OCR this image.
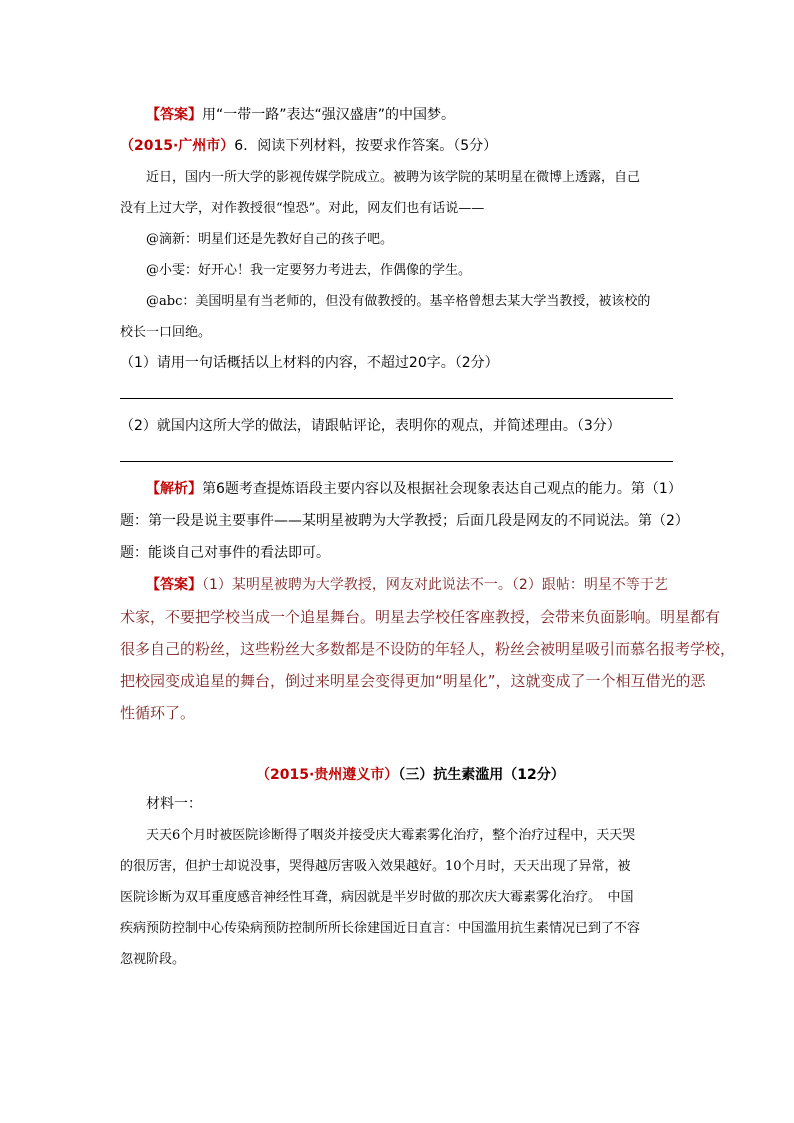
【答案】用“一带一路”表达“强汉盛唐”的中国梦。
（2015·广州市）6．阅读下列材料，按要求作答案。（5分）
近日，国内一所大学的影视传媒学院成立。被聘为该学院的某明星在微博上透露，自己
没有上过大学，对作教授很“惶恐”。对此，网友们也有话说——
@滴新：明星们还是先教好自己的孩子吧。
@小雯：好开心！我一定要努力考进去，作偶像的学生。
@abc：美国明星有当老师的，但没有做教授的。基辛格曾想去某大学当教授，被该校的
校长一口回绝。
（1）请用一句话概括以上材料的内容，不超过20字。（2分）
（2）就国内这所大学的做法，请跟帖评论，表明你的观点，并简述理由。（3分）
【解析】第6题考查提炼语段主要内容以及根据社会现象表达自己观点的能力。第（1）
题：第一段是说主要事件——某明星被聘为大学教授；后面几段是网友的不同说法。第（2）
题：能谈自己对事件的看法即可。
【答案】（1）某明星被聘为大学教授，网友对此说法不一。（2）跟帖：明星不等于艺
术家，不要把学校当成一个追星舞台。明星去学校任客座教授，会带来负面影响。明星都有
很多自己的粉丝，这些粉丝大多数都是不设防的年轻人，粉丝会被明星吸引而慕名报考学校，
把校园变成追星的舞台，倒过来明星会变得更加“明星化”，这就变成了一个相互借光的恶
性循环了。
（2015·贵州遵义市）（三）抗生素滥用（12分）
材料一：
天天6个月时被医院诊断得了咽炎并接受庆大霉素雾化治疗，整个治疗过程中，天天哭
的很厉害，但护士却说没事，哭得越厉害吸入效果越好。10个月时，天天出现了异常，被
医院诊断为双耳重度感音神经性耳聋，病因就是半岁时做的那次庆大霉素雾化治疗。　中国
疾病预防控制中心传染病预防控制所所长徐建国近日直言：中国滥用抗生素情况已到了不容
忽视阶段。
